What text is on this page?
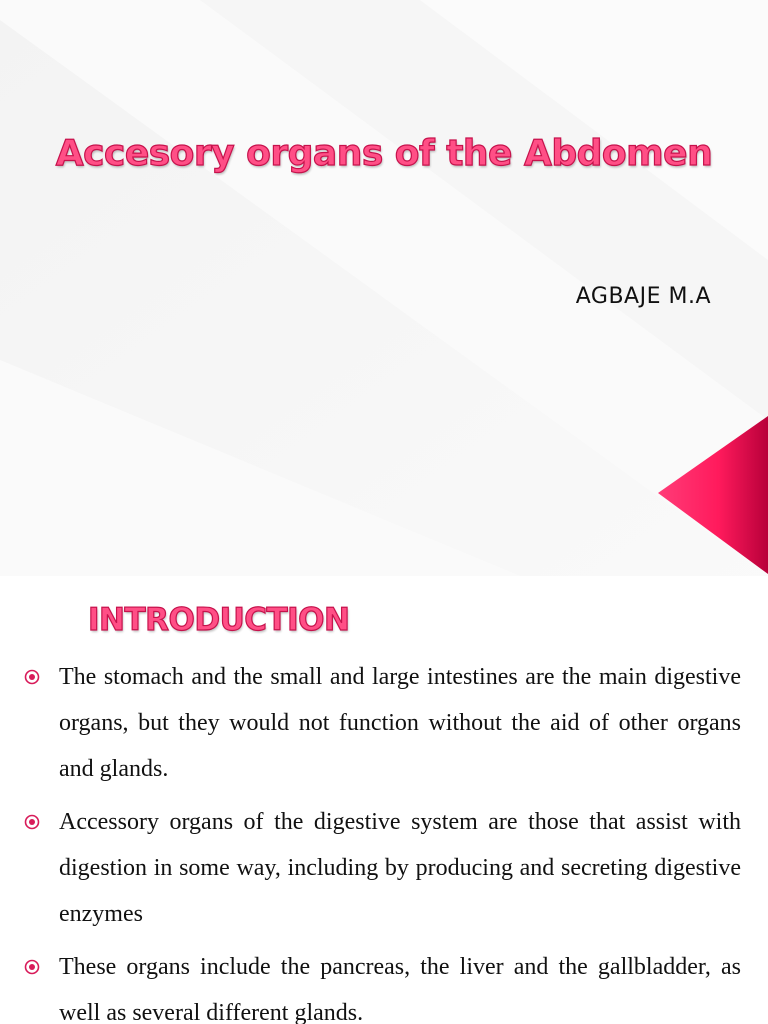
Accesory organs of the Abdomen
AGBAJE M.A
INTRODUCTION
The stomach and the small and large intestines are the main digestive organs, but they would not function without the aid of other organs and glands.
Accessory organs of the digestive system are those that assist with digestion in some way, including by producing and secreting digestive enzymes
These organs include the pancreas, the liver and the gallbladder, as well as several different glands.
